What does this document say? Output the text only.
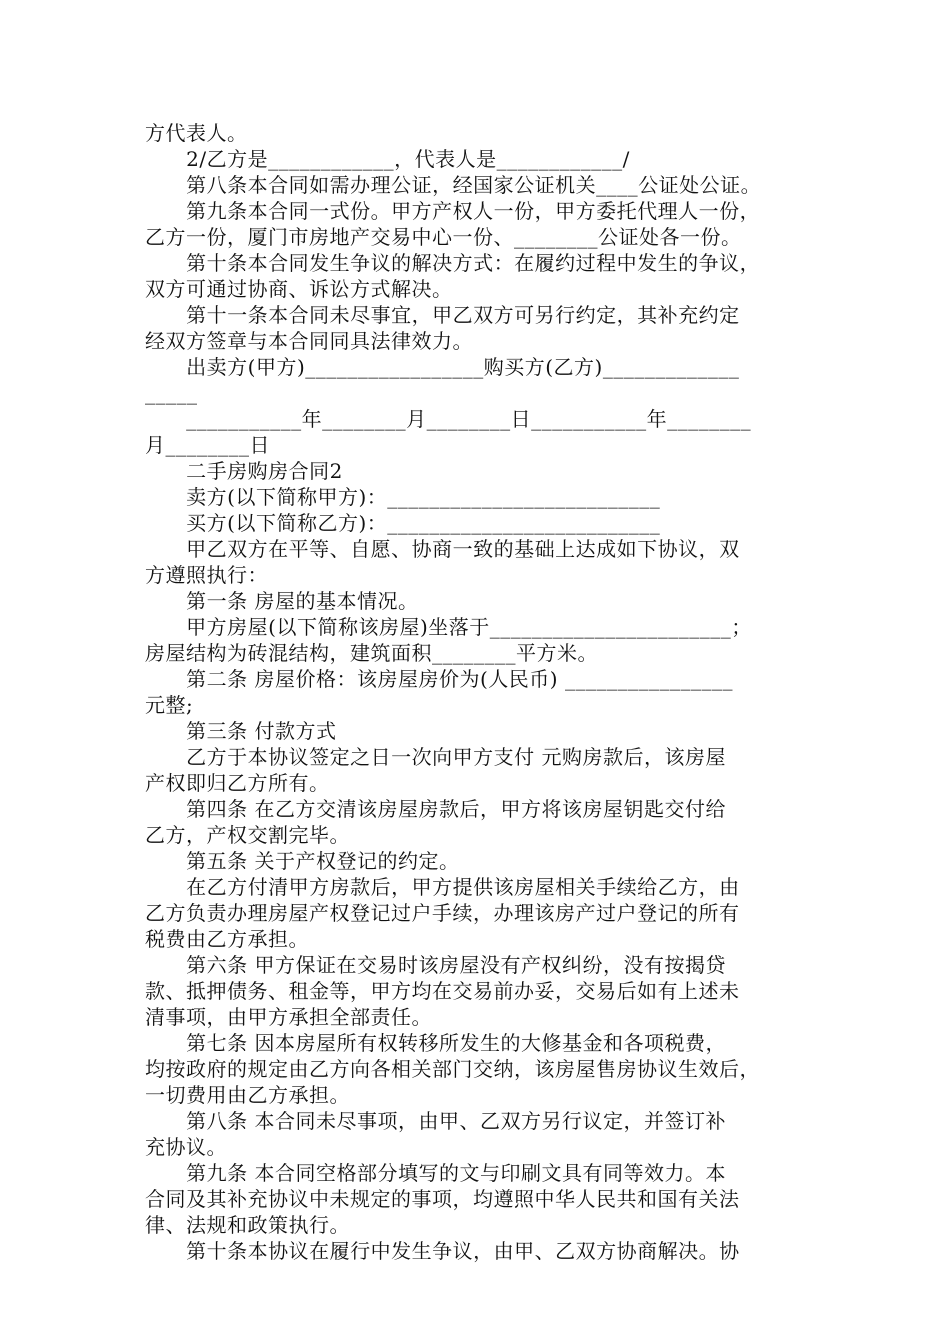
方代表人。
2/乙方是____________，代表人是____________/
第八条本合同如需办理公证，经国家公证机关____公证处公证。
第九条本合同一式份。甲方产权人一份，甲方委托代理人一份，
乙方一份，厦门市房地产交易中心一份、________公证处各一份。
第十条本合同发生争议的解决方式：在履约过程中发生的争议，
双方可通过协商、诉讼方式解决。
第十一条本合同未尽事宜，甲乙双方可另行约定，其补充约定
经双方签章与本合同同具法律效力。
出卖方(甲方)_________________购买方(乙方)_____________
_____
___________年________月________日___________年________
月________日
二手房购房合同2
卖方(以下简称甲方)：__________________________
买方(以下简称乙方)：__________________________
甲乙双方在平等、自愿、协商一致的基础上达成如下协议，双
方遵照执行：
第一条 房屋的基本情况。
甲方房屋(以下简称该房屋)坐落于_______________________；
房屋结构为砖混结构，建筑面积________平方米。
第二条 房屋价格：该房屋房价为(人民币) ________________
元整;
第三条 付款方式
乙方于本协议签定之日一次向甲方支付 元购房款后，该房屋
产权即归乙方所有。
第四条 在乙方交清该房屋房款后，甲方将该房屋钥匙交付给
乙方，产权交割完毕。
第五条 关于产权登记的约定。
在乙方付清甲方房款后，甲方提供该房屋相关手续给乙方，由
乙方负责办理房屋产权登记过户手续，办理该房产过户登记的所有
税费由乙方承担。
第六条 甲方保证在交易时该房屋没有产权纠纷，没有按揭贷
款、抵押债务、租金等，甲方均在交易前办妥，交易后如有上述未
清事项，由甲方承担全部责任。
第七条 因本房屋所有权转移所发生的大修基金和各项税费，
均按政府的规定由乙方向各相关部门交纳，该房屋售房协议生效后，
一切费用由乙方承担。
第八条 本合同未尽事项，由甲、乙双方另行议定，并签订补
充协议。
第九条 本合同空格部分填写的文与印刷文具有同等效力。本
合同及其补充协议中未规定的事项，均遵照中华人民共和国有关法
律、法规和政策执行。
第十条本协议在履行中发生争议，由甲、乙双方协商解决。协
